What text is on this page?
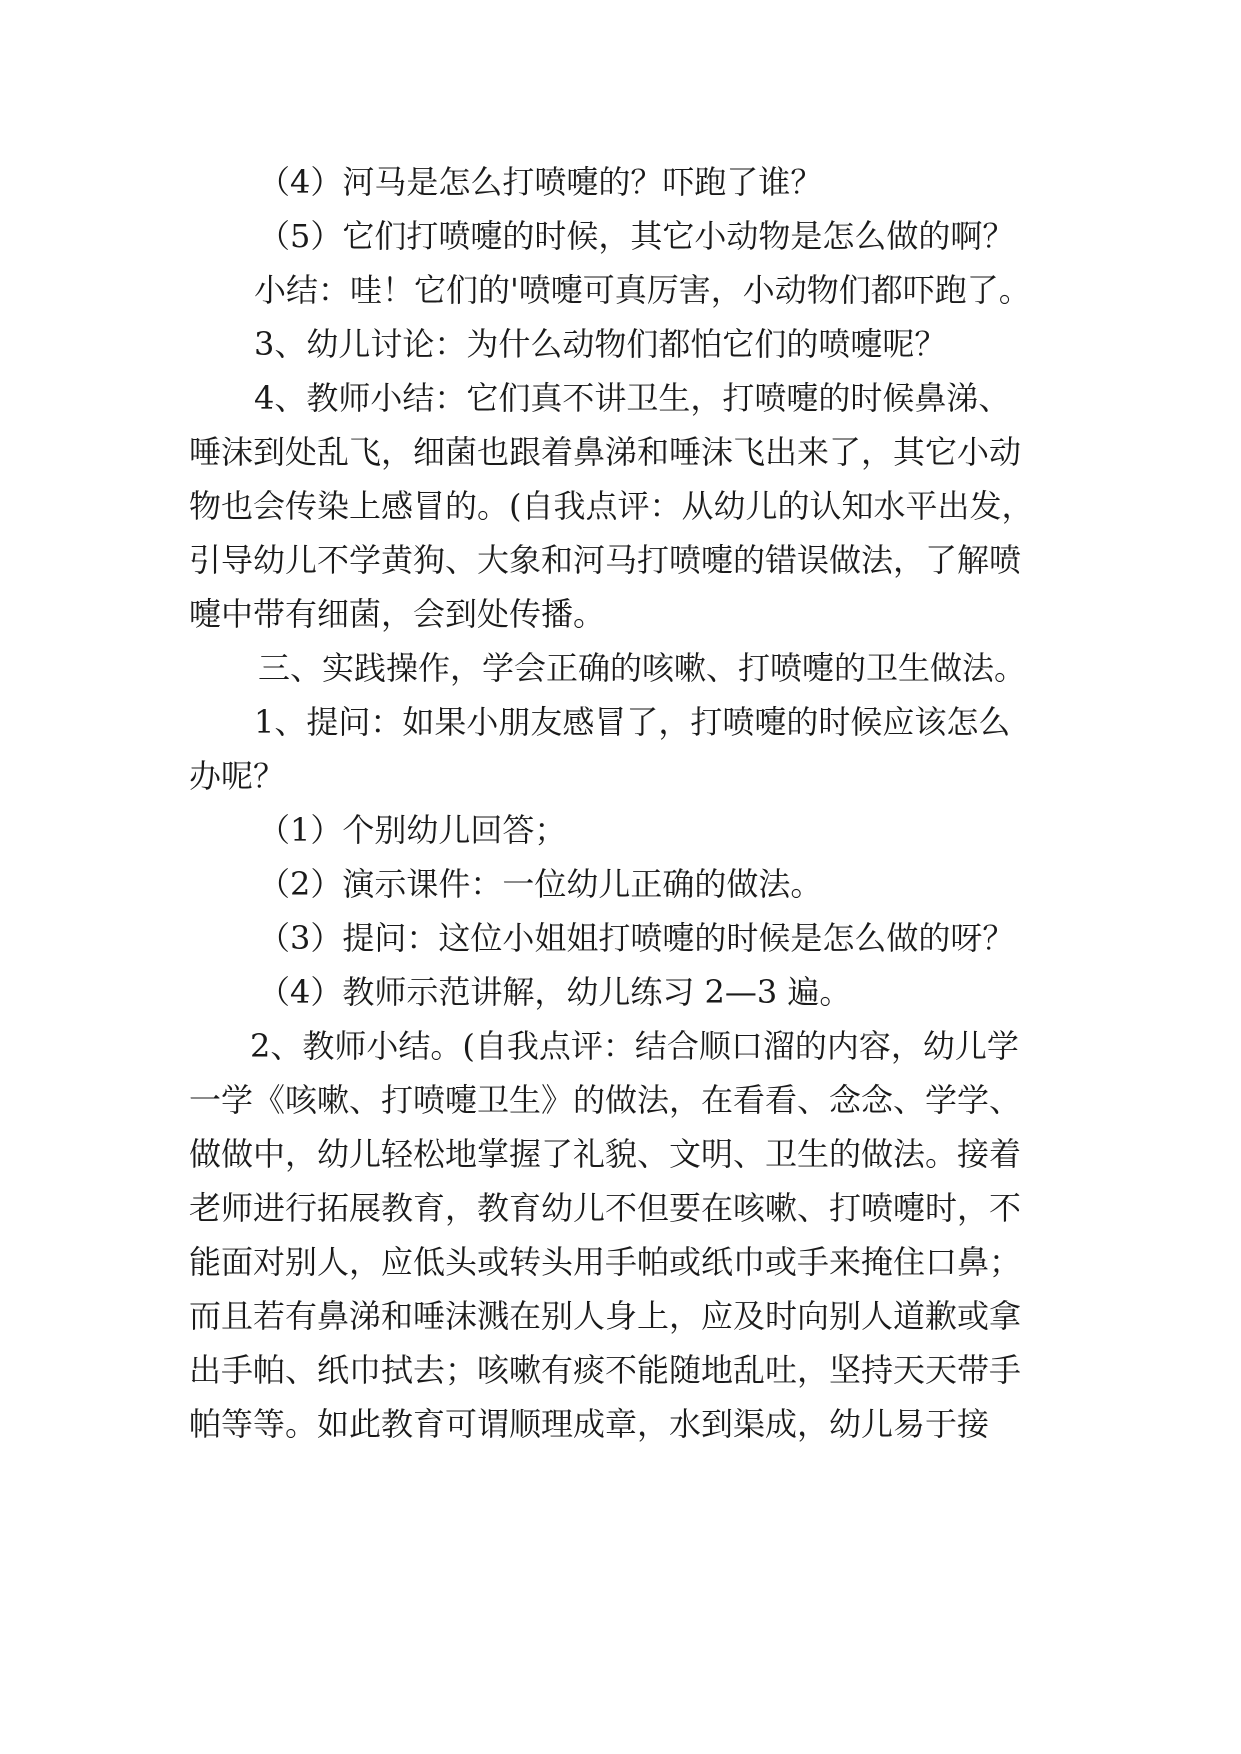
（4）河马是怎么打喷嚏的？吓跑了谁？

（5）它们打喷嚏的时候，其它小动物是怎么做的啊？

小结：哇！它们的'喷嚏可真厉害，小动物们都吓跑了。

3、幼儿讨论：为什么动物们都怕它们的喷嚏呢？

4、教师小结：它们真不讲卫生，打喷嚏的时候鼻涕、

唾沫到处乱飞，细菌也跟着鼻涕和唾沫飞出来了，其它小动

物也会传染上感冒的。(自我点评：从幼儿的认知水平出发，

引导幼儿不学黄狗、大象和河马打喷嚏的错误做法，了解喷

嚏中带有细菌，会到处传播。

三、实践操作，学会正确的咳嗽、打喷嚏的卫生做法。

1、提问：如果小朋友感冒了，打喷嚏的时候应该怎么

办呢？

（1）个别幼儿回答；

（2）演示课件：一位幼儿正确的做法。

（3）提问：这位小姐姐打喷嚏的时候是怎么做的呀？

（4）教师示范讲解，幼儿练习 2—3 遍。

2、教师小结。(自我点评：结合顺口溜的内容，幼儿学

一学《咳嗽、打喷嚏卫生》的做法，在看看、念念、学学、

做做中，幼儿轻松地掌握了礼貌、文明、卫生的做法。接着

老师进行拓展教育，教育幼儿不但要在咳嗽、打喷嚏时，不

能面对别人，应低头或转头用手帕或纸巾或手来掩住口鼻；

而且若有鼻涕和唾沫溅在别人身上，应及时向别人道歉或拿

出手帕、纸巾拭去；咳嗽有痰不能随地乱吐，坚持天天带手

帕等等。如此教育可谓顺理成章，水到渠成，幼儿易于接
